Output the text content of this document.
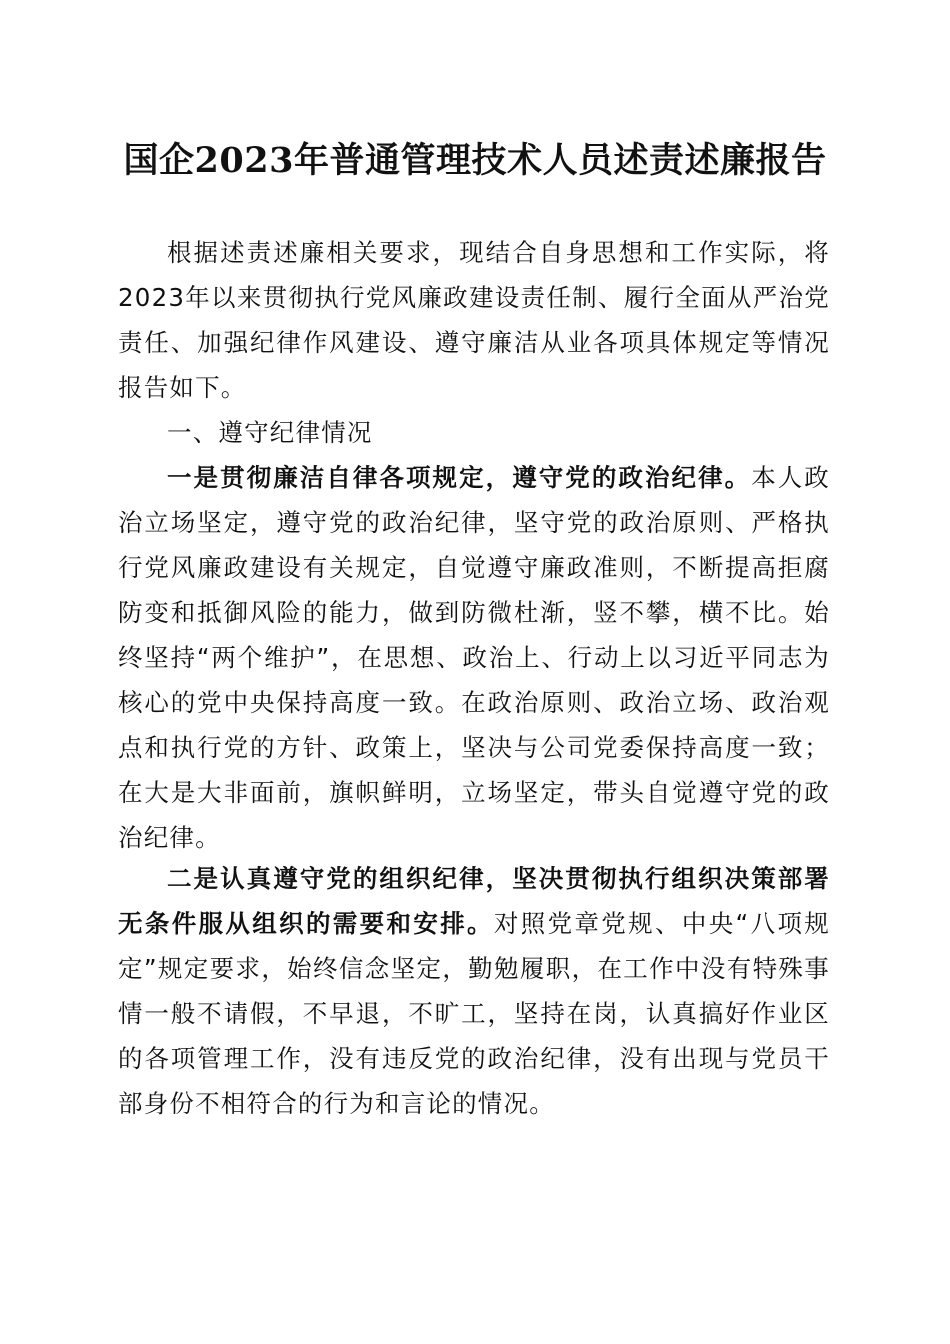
国企2023年普通管理技术人员述责述廉报告

根据述责述廉相关要求，现结合自身思想和工作实际，将2023年以来贯彻执行党风廉政建设责任制、履行全面从严治党责任、加强纪律作风建设、遵守廉洁从业各项具体规定等情况报告如下。

一、遵守纪律情况

一是贯彻廉洁自律各项规定，遵守党的政治纪律。本人政治立场坚定，遵守党的政治纪律，坚守党的政治原则、严格执行党风廉政建设有关规定，自觉遵守廉政准则，不断提高拒腐防变和抵御风险的能力，做到防微杜渐，竖不攀，横不比。始终坚持“两个维护”，在思想、政治上、行动上以习近平同志为核心的党中央保持高度一致。在政治原则、政治立场、政治观点和执行党的方针、政策上，坚决与公司党委保持高度一致；在大是大非面前，旗帜鲜明，立场坚定，带头自觉遵守党的政治纪律。

二是认真遵守党的组织纪律，坚决贯彻执行组织决策部署无条件服从组织的需要和安排。对照党章党规、中央“八项规定”规定要求，始终信念坚定，勤勉履职，在工作中没有特殊事情一般不请假，不早退，不旷工，坚持在岗，认真搞好作业区的各项管理工作，没有违反党的政治纪律，没有出现与党员干部身份不相符合的行为和言论的情况。
